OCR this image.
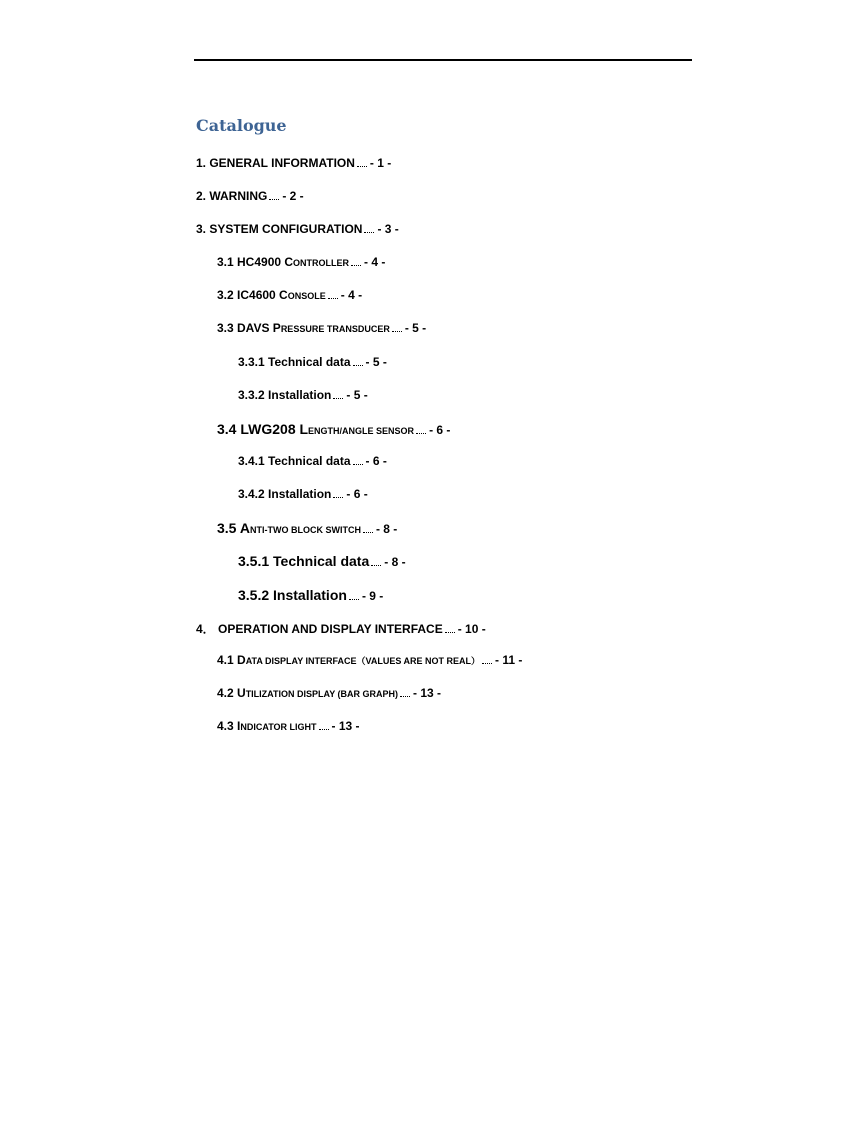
Catalogue
1. GENERAL INFORMATION - 1 -
2. WARNING - 2 -
3. SYSTEM CONFIGURATION - 3 -
3.1 HC4900 CONTROLLER - 4 -
3.2 IC4600 CONSOLE - 4 -
3.3 DAVS PRESSURE TRANSDUCER - 5 -
3.3.1 Technical data - 5 -
3.3.2 Installation - 5 -
3.4 LWG208 LENGTH/ANGLE SENSOR - 6 -
3.4.1 Technical data - 6 -
3.4.2 Installation - 6 -
3.5 ANTI-TWO BLOCK SWITCH - 8 -
3.5.1 Technical data - 8 -
3.5.2 Installation - 9 -
4． OPERATION AND DISPLAY INTERFACE - 10 -
4.1 DATA DISPLAY INTERFACE（VALUES ARE NOT REAL） - 11 -
4.2 UTILIZATION DISPLAY (BAR GRAPH) - 13 -
4.3 INDICATOR LIGHT - 13 -
